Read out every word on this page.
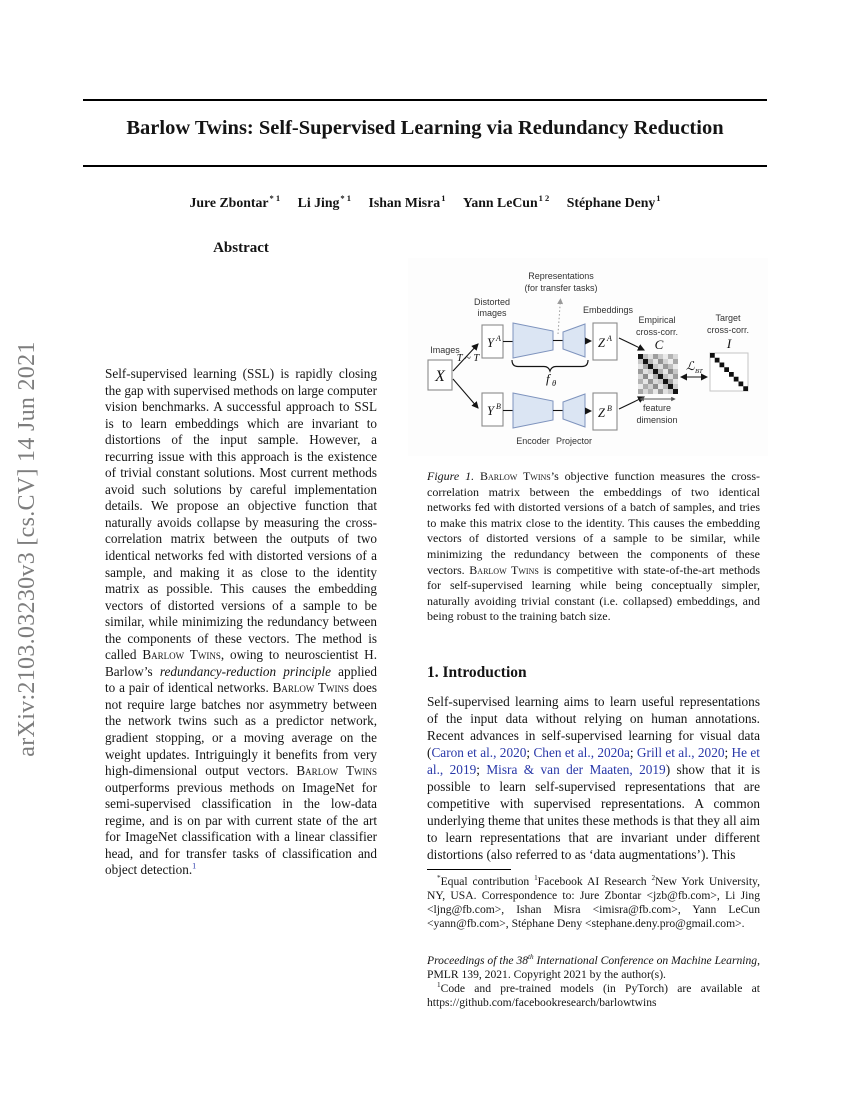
arXiv:2103.03230v3 [cs.CV] 14 Jun 2021
Barlow Twins: Self-Supervised Learning via Redundancy Reduction
Jure Zbontar$^{* 1}$ Li Jing$^{* 1}$ Ishan Misra$^1$ Yann LeCun$^{1 2}$ Stéphane Deny$^1$
Abstract
Self-supervised learning (SSL) is rapidly closing the gap with supervised methods on large computer vision benchmarks. A successful approach to SSL is to learn embeddings which are invariant to distortions of the input sample. However, a recurring issue with this approach is the existence of trivial constant solutions. Most current methods avoid such solutions by careful implementation details. We propose an objective function that naturally avoids collapse by measuring the cross-correlation matrix between the outputs of two identical networks fed with distorted versions of a sample, and making it as close to the identity matrix as possible. This causes the embedding vectors of distorted versions of a sample to be similar, while minimizing the redundancy between the components of these vectors. The method is called Barlow Twins, owing to neuroscientist H. Barlow’s redundancy-reduction principle applied to a pair of identical networks. Barlow Twins does not require large batches nor asymmetry between the network twins such as a predictor network, gradient stopping, or a moving average on the weight updates. Intriguingly it benefits from very high-dimensional output vectors. Barlow Twins outperforms previous methods on ImageNet for semi-supervised classification in the low-data regime, and is on par with current state of the art for ImageNet classification with a linear classifier head, and for transfer tasks of classification and object detection.$^1$
Images
X
T ~ T
Distorted
images
Y A
Y B
Representations
(for transfer tasks)
f θ
Encoder Projector
Embeddings
Z A
Z B
Empirical
cross-corr.
C
ℒ BT
Target
cross-corr.
I
feature
dimension
Figure 1. Barlow Twins’s objective function measures the cross-correlation matrix between the embeddings of two identical networks fed with distorted versions of a batch of samples, and tries to make this matrix close to the identity. This causes the embedding vectors of distorted versions of a sample to be similar, while minimizing the redundancy between the components of these vectors. Barlow Twins is competitive with state-of-the-art methods for self-supervised learning while being conceptually simpler, naturally avoiding trivial constant (i.e. collapsed) embeddings, and being robust to the training batch size.
1. Introduction
Self-supervised learning aims to learn useful representations of the input data without relying on human annotations. Recent advances in self-supervised learning for visual data (Caron et al., 2020; Chen et al., 2020a; Grill et al., 2020; He et al., 2019; Misra & van der Maaten, 2019) show that it is possible to learn self-supervised representations that are competitive with supervised representations. A common underlying theme that unites these methods is that they all aim to learn representations that are invariant under different distortions (also referred to as ‘data augmentations’). This
*Equal contribution $^1$Facebook AI Research $^2$New York University, NY, USA. Correspondence to: Jure Zbontar <jzb@fb.com>, Li Jing <ljng@fb.com>, Ishan Misra <imisra@fb.com>, Yann LeCun <yann@fb.com>, Stéphane Deny <stephane.deny.pro@gmail.com>.
Proceedings of the 38th International Conference on Machine Learning, PMLR 139, 2021. Copyright 2021 by the author(s).
$^1$Code and pre-trained models (in PyTorch) are available at https://github.com/facebookresearch/barlowtwins
